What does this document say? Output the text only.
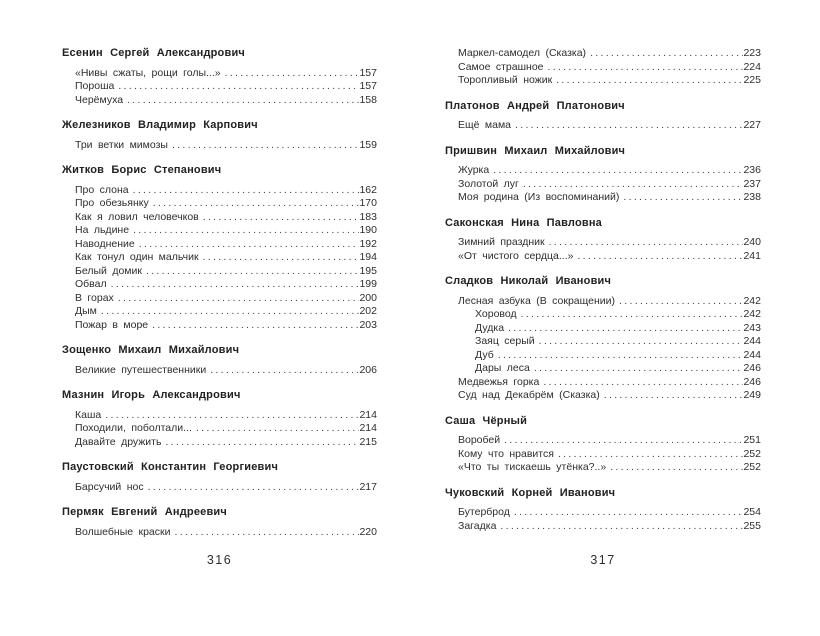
Есенин Сергей Александрович
«Нивы сжаты, рощи голы...» .....	157
Пороша .....	157
Черёмуха .....	158
Железников Владимир Карпович
Три ветки мимозы .....	159
Житков Борис Степанович
Про слона .....	162
Про обезьянку .....	170
Как я ловил человечков .....	183
На льдине .....	190
Наводнение .....	192
Как тонул один мальчик .....	194
Белый домик .....	195
Обвал .....	199
В горах .....	200
Дым .....	202
Пожар в море .....	203
Зощенко Михаил Михайлович
Великие путешественники .....	206
Мазнин Игорь Александрович
Каша .....	214
Походили, поболтали... .....	214
Давайте дружить .....	215
Паустовский Константин Георгиевич
Барсучий нос .....	217
Пермяк Евгений Андреевич
Волшебные краски .....	220
Маркел-самодел (Сказка) .....	223
Самое страшное .....	224
Торопливый ножик .....	225
Платонов Андрей Платонович
Ещё мама .....	227
Пришвин Михаил Михайлович
Журка .....	236
Золотой луг .....	237
Моя родина (Из воспоминаний) .....	238
Саконская Нина Павловна
Зимний праздник .....	240
«От чистого сердца...» .....	241
Сладков Николай Иванович
Лесная азбука (В сокращении) .....	242
Хоровод .....	242
Дудка .....	243
Заяц серый .....	244
Дуб .....	244
Дары леса .....	246
Медвежья горка .....	246
Суд над Декабрём (Сказка) .....	249
Саша Чёрный
Воробей .....	251
Кому что нравится .....	252
«Что ты тискаешь утёнка?..» .....	252
Чуковский Корней Иванович
Бутерброд .....	254
Загадка .....	255
316	317
